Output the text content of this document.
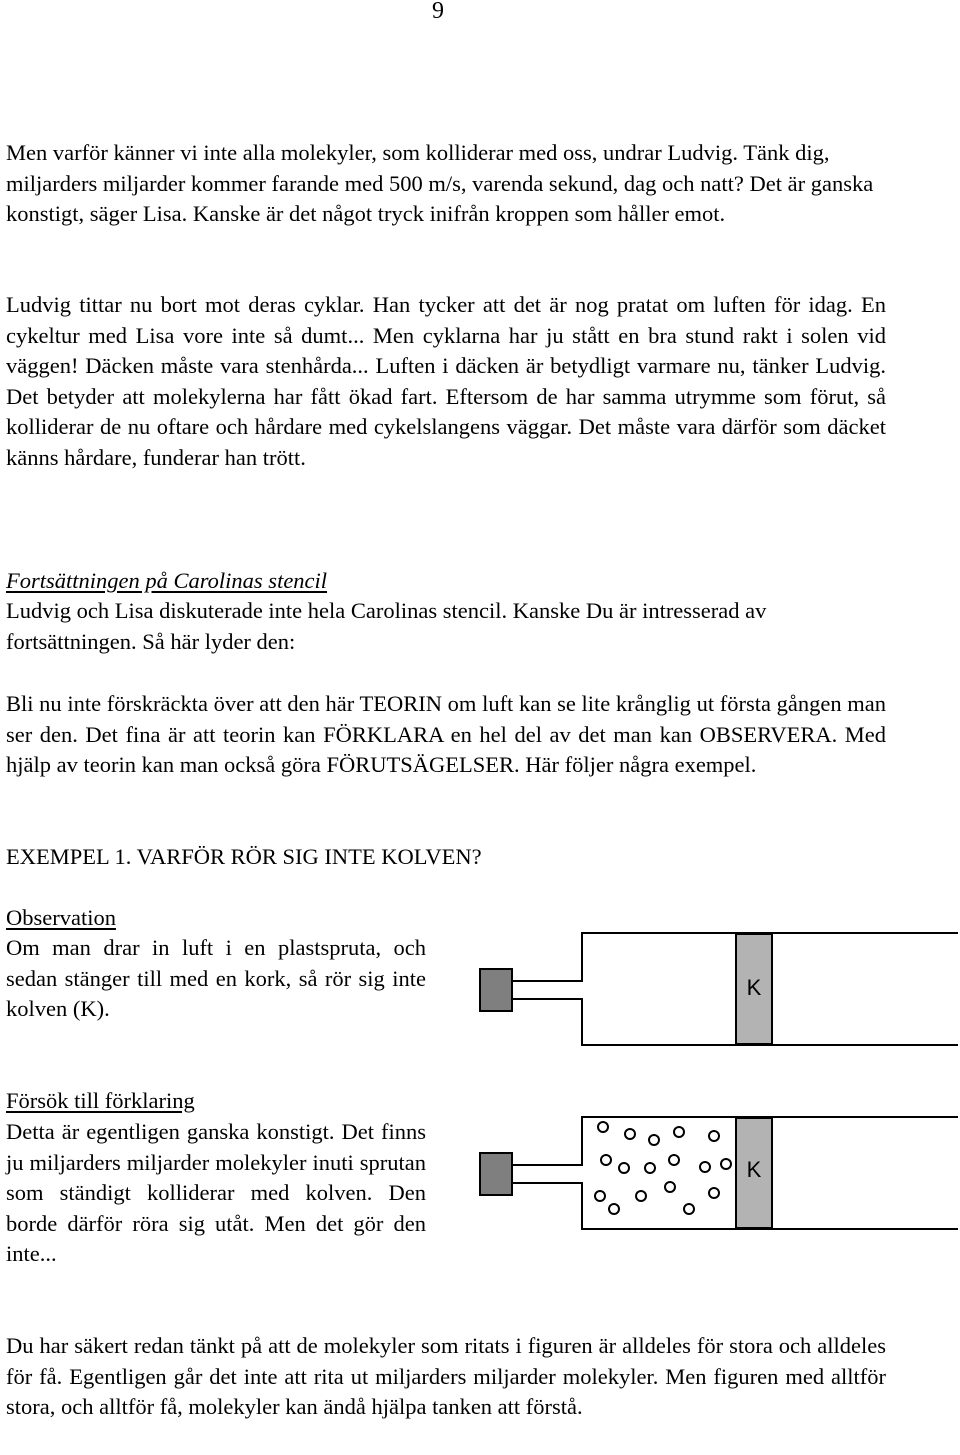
9

Men varför känner vi inte alla molekyler, som kolliderar med oss, undrar Ludvig. Tänk dig, miljarders miljarder kommer farande med 500 m/s, varenda sekund, dag och natt? Det är ganska konstigt, säger Lisa. Kanske är det något tryck inifrån kroppen som håller emot.

Ludvig tittar nu bort mot deras cyklar. Han tycker att det är nog pratat om luften för idag. En cykeltur med Lisa vore inte så dumt... Men cyklarna har ju stått en bra stund rakt i solen vid väggen! Däcken måste vara stenhårda... Luften i däcken är betydligt varmare nu, tänker Ludvig. Det betyder att molekylerna har fått ökad fart. Eftersom de har samma utrymme som förut, så kolliderar de nu oftare och hårdare med cykelslangens väggar. Det måste vara därför som däcket känns hårdare, funderar han trött.

Fortsättningen på Carolinas stencil

Ludvig och Lisa diskuterade inte hela Carolinas stencil. Kanske Du är intresserad av fortsättningen. Så här lyder den:

Bli nu inte förskräckta över att den här TEORIN om luft kan se lite krånglig ut första gången man ser den. Det fina är att teorin kan FÖRKLARA en hel del av det man kan OBSERVERA. Med hjälp av teorin kan man också göra FÖRUTSÄGELSER. Här följer några exempel.

EXEMPEL 1. VARFÖR RÖR SIG INTE KOLVEN?

Observation

Om man drar in luft i en plastspruta, och sedan stänger till med en kork, så rör sig inte kolven (K).

K

Försök till förklaring

Detta är egentligen ganska konstigt. Det finns ju miljarders miljarder molekyler inuti sprutan som ständigt kolliderar med kolven. Den borde därför röra sig utåt. Men det gör den inte...

K

Du har säkert redan tänkt på att de molekyler som ritats i figuren är alldeles för stora och alldeles för få. Egentligen går det inte att rita ut miljarders miljarder molekyler. Men figuren med alltför stora, och alltför få, molekyler kan ändå hjälpa tanken att förstå.
